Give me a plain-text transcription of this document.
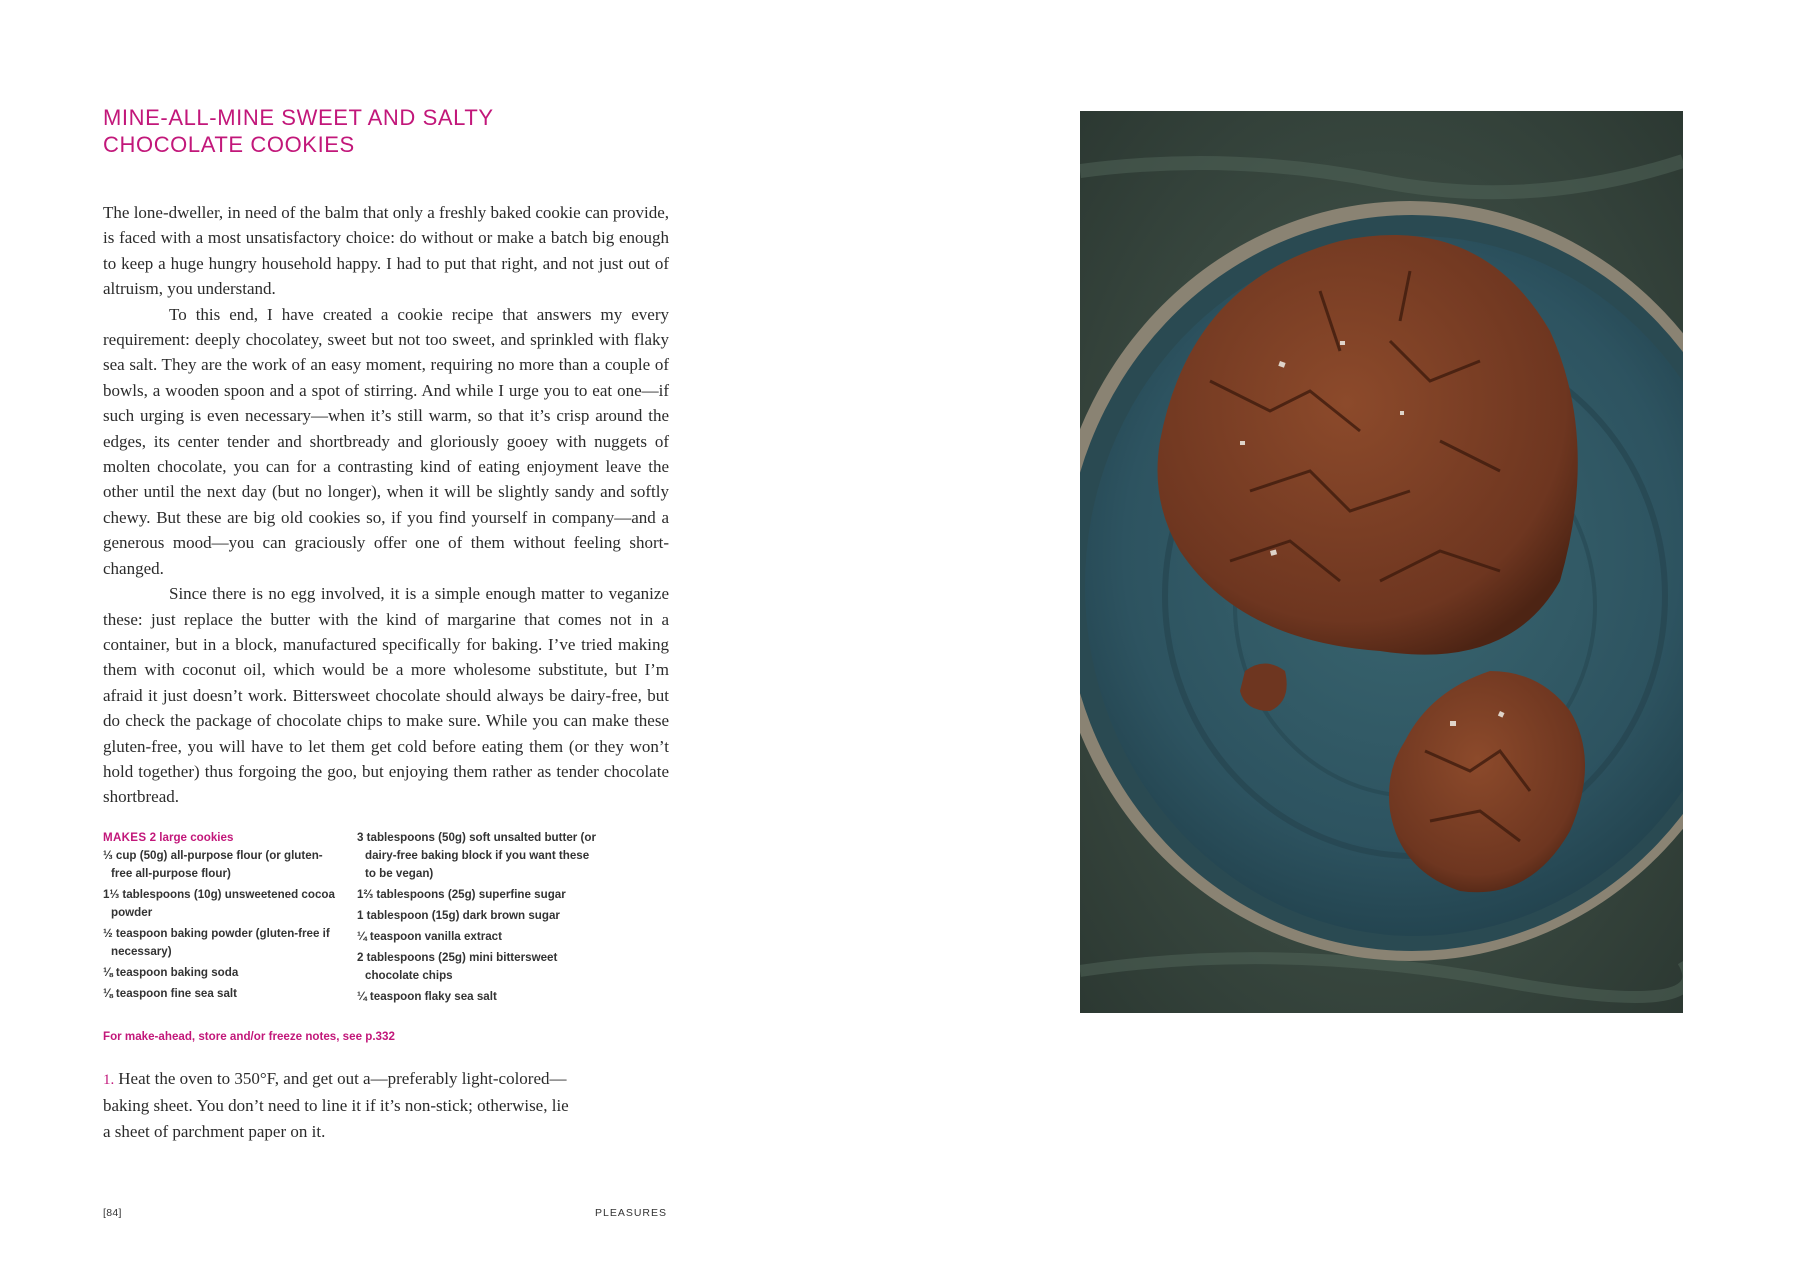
MINE-ALL-MINE SWEET AND SALTY
CHOCOLATE COOKIES

The lone-dweller, in need of the balm that only a freshly baked cookie can provide, is faced with a most unsatisfactory choice: do without or make a batch big enough to keep a huge hungry household happy. I had to put that right, and not just out of altruism, you understand.

To this end, I have created a cookie recipe that answers my every requirement: deeply chocolatey, sweet but not too sweet, and sprinkled with flaky sea salt. They are the work of an easy moment, requiring no more than a couple of bowls, a wooden spoon and a spot of stirring. And while I urge you to eat one—if such urging is even necessary—when it’s still warm, so that it’s crisp around the edges, its center tender and shortbready and gloriously gooey with nuggets of molten chocolate, you can for a contrasting kind of eating enjoyment leave the other until the next day (but no longer), when it will be slightly sandy and softly chewy. But these are big old cookies so, if you find yourself in company—and a generous mood—you can graciously offer one of them without feeling short-changed.

Since there is no egg involved, it is a simple enough matter to veganize these: just replace the butter with the kind of margarine that comes not in a container, but in a block, manufactured specifically for baking. I’ve tried making them with coconut oil, which would be a more wholesome substitute, but I’m afraid it just doesn’t work. Bittersweet chocolate should always be dairy-free, but do check the package of chocolate chips to make sure. While you can make these gluten-free, you will have to let them get cold before eating them (or they won’t hold together) thus forgoing the goo, but enjoying them rather as tender chocolate shortbread.

MAKES 2 large cookies
⅓ cup (50g) all-purpose flour (or gluten-free all-purpose flour)
1⅓ tablespoons (10g) unsweetened cocoa powder
½ teaspoon baking powder (gluten-free if necessary)
⅛ teaspoon baking soda
⅛ teaspoon fine sea salt
3 tablespoons (50g) soft unsalted butter (or dairy-free baking block if you want these to be vegan)
1⅔ tablespoons (25g) superfine sugar
1 tablespoon (15g) dark brown sugar
¼ teaspoon vanilla extract
2 tablespoons (25g) mini bittersweet chocolate chips
¼ teaspoon flaky sea salt
For make-ahead, store and/or freeze notes, see p.332
1. Heat the oven to 350°F, and get out a—preferably light-colored—baking sheet. You don’t need to line it if it’s non-stick; otherwise, lie a sheet of parchment paper on it.
[84]	PLEASURES
